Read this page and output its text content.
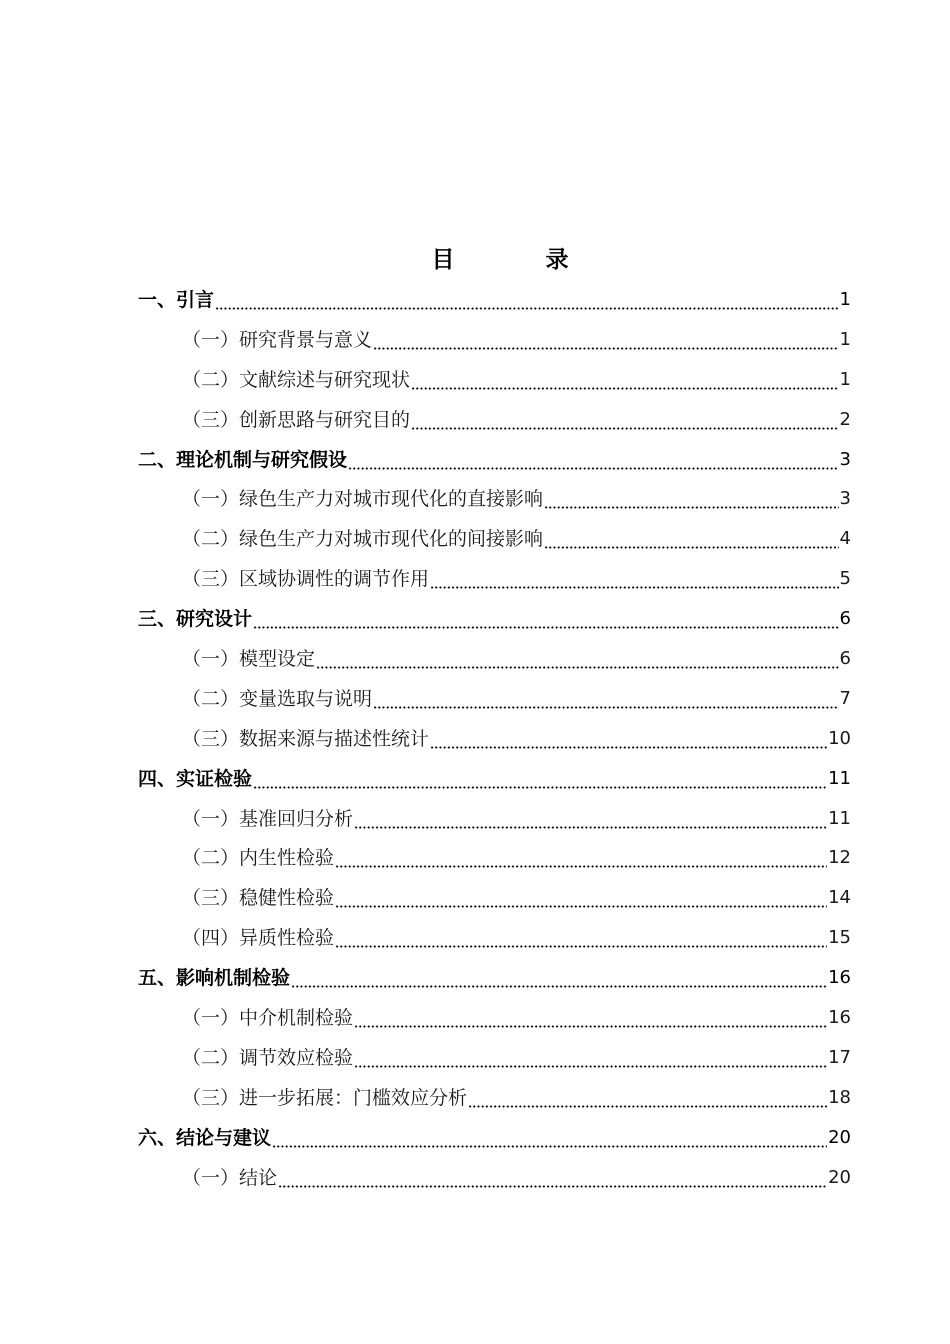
目　录
一、引言	1
（一）研究背景与意义	1
（二）文献综述与研究现状	1
（三）创新思路与研究目的	2
二、理论机制与研究假设	3
（一）绿色生产力对城市现代化的直接影响	3
（二）绿色生产力对城市现代化的间接影响	4
（三）区域协调性的调节作用	5
三、研究设计	6
（一）模型设定	6
（二）变量选取与说明	7
（三）数据来源与描述性统计	10
四、实证检验	11
（一）基准回归分析	11
（二）内生性检验	12
（三）稳健性检验	14
（四）异质性检验	15
五、影响机制检验	16
（一）中介机制检验	16
（二）调节效应检验	17
（三）进一步拓展：门槛效应分析	18
六、结论与建议	20
（一）结论	20
